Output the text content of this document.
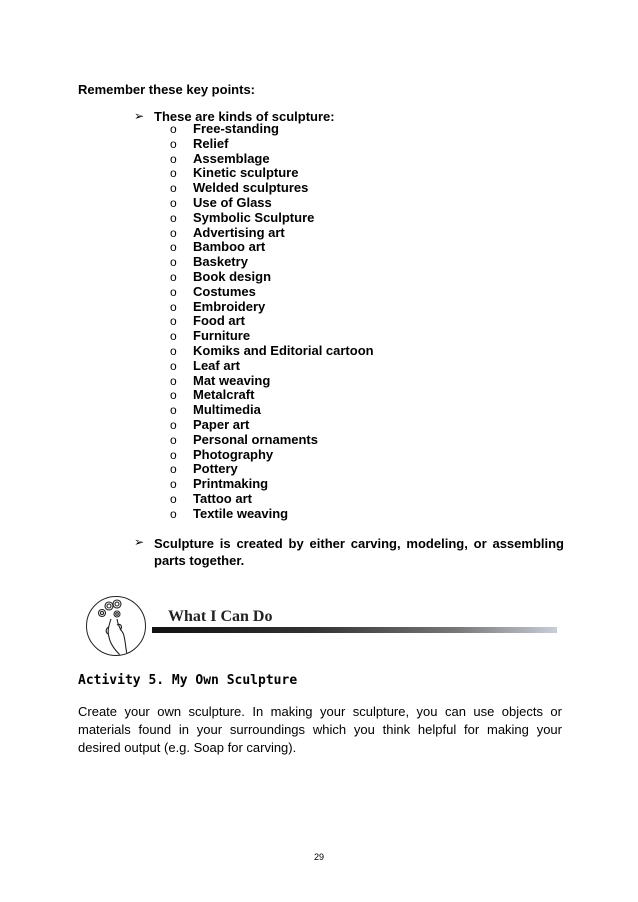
Remember these key points:
➢ These are kinds of sculpture:
o	Free-standing
o	Relief
o	Assemblage
o	Kinetic sculpture
o	Welded sculptures
o	Use of Glass
o	Symbolic Sculpture
o	Advertising art
o	Bamboo art
o	Basketry
o	Book design
o	Costumes
o	Embroidery
o	Food art
o	Furniture
o	Komiks and Editorial cartoon
o	Leaf art
o	Mat weaving
o	Metalcraft
o	Multimedia
o	Paper art
o	Personal ornaments
o	Photography
o	Pottery
o	Printmaking
o	Tattoo art
o	Textile weaving
➢ Sculpture is created by either carving, modeling, or assembling parts together.
What I Can Do
Activity 5. My Own Sculpture
Create your own sculpture. In making your sculpture, you can use objects or materials found in your surroundings which you think helpful for making your desired output (e.g. Soap for carving).
29
